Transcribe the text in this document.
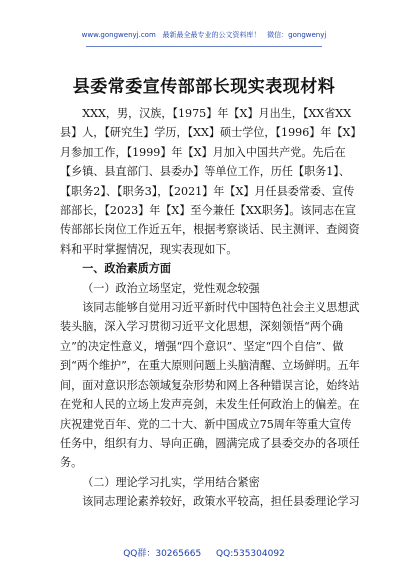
www.gongwenyj.com 最新最全最专业的公文资料库！ 微信：gongwenyj
县委常委宣传部部长现实表现材料

XXX，男，汉族，【1975】年【X】月出生，【XX省XX县】人，【研究生】学历，【XX】硕士学位，【1996】年【X】月参加工作，【1999】年【X】月加入中国共产党。先后在【乡镇、县直部门、县委办】等单位工作，历任【职务1】、【职务2】、【职务3】，【2021】年【X】月任县委常委、宣传部部长，【2023】年【X】至今兼任【XX职务】。该同志在宣传部部长岗位工作近五年，根据考察谈话、民主测评、查阅资料和平时掌握情况，现实表现如下。

一、政治素质方面

（一）政治立场坚定，党性观念较强

该同志能够自觉用习近平新时代中国特色社会主义思想武装头脑，深入学习贯彻习近平文化思想，深刻领悟“两个确立”的决定性意义，增强“四个意识”、坚定“四个自信”、做到“两个维护”，在重大原则问题上头脑清醒、立场鲜明。五年间，面对意识形态领域复杂形势和网上各种错误言论，始终站在党和人民的立场上发声亮剑，未发生任何政治上的偏差。在庆祝建党百年、党的二十大、新中国成立75周年等重大宣传任务中，组织有力、导向正确，圆满完成了县委交办的各项任务。

（二）理论学习扎实，学用结合紧密

该同志理论素养较好，政策水平较高，担任县委理论学习

QQ群：30265665 QQ:535304092
